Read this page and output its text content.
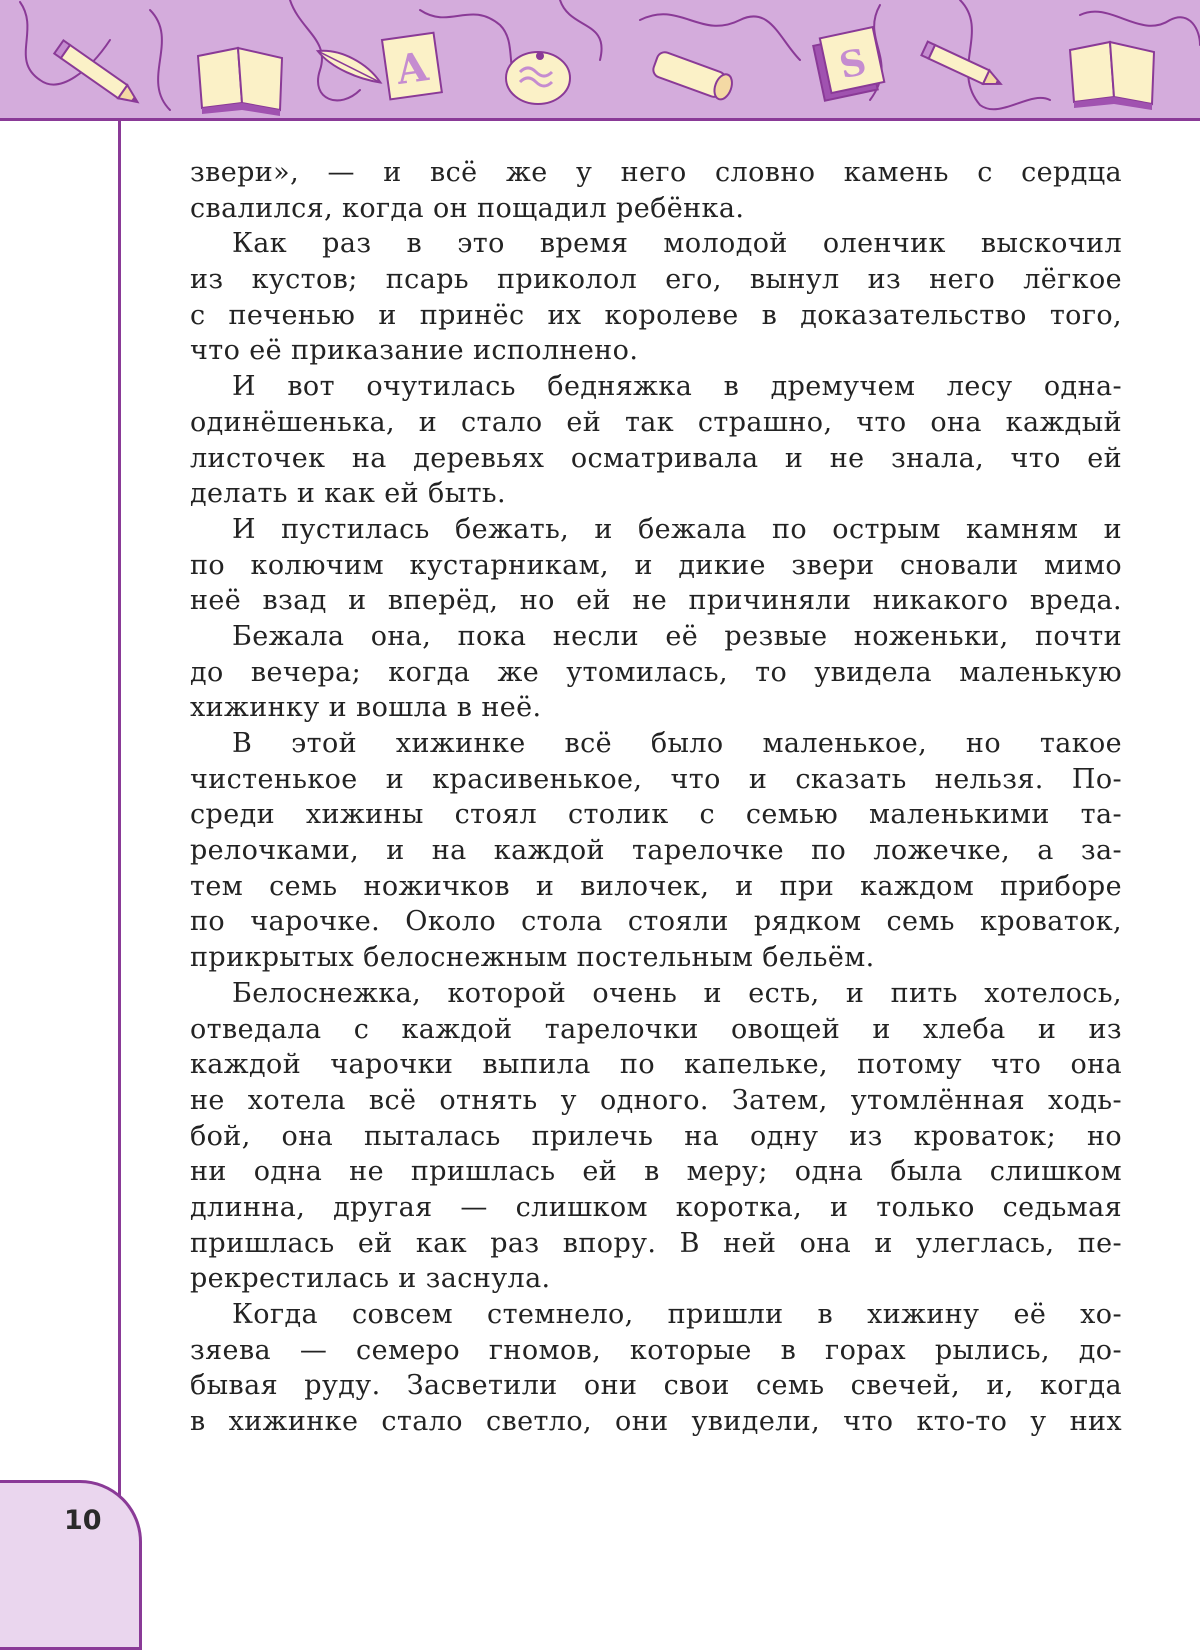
A	S
10
звери», — и всё же у него словно камень с сердца
свалился, когда он пощадил ребёнка.
Как раз в это время молодой оленчик выскочил
из кустов; псарь приколол его, вынул из него лёгкое
с печенью и принёс их королеве в доказательство того,
что её приказание исполнено.
И вот очутилась бедняжка в дремучем лесу одна-
одинёшенька, и стало ей так страшно, что она каждый
листочек на деревьях осматривала и не знала, что ей
делать и как ей быть.
И пустилась бежать, и бежала по острым камням и
по колючим кустарникам, и дикие звери сновали мимо
неё взад и вперёд, но ей не причиняли никакого вреда.
Бежала она, пока несли её резвые ноженьки, почти
до вечера; когда же утомилась, то увидела маленькую
хижинку и вошла в неё.
В этой хижинке всё было маленькое, но такое
чистенькое и красивенькое, что и сказать нельзя. По-
среди хижины стоял столик с семью маленькими та-
релочками, и на каждой тарелочке по ложечке, а за-
тем семь ножичков и вилочек, и при каждом приборе
по чарочке. Около стола стояли рядком семь кроваток,
прикрытых белоснежным постельным бельём.
Белоснежка, которой очень и есть, и пить хотелось,
отведала с каждой тарелочки овощей и хлеба и из
каждой чарочки выпила по капельке, потому что она
не хотела всё отнять у одного. Затем, утомлённая ходь-
бой, она пыталась прилечь на одну из кроваток; но
ни одна не пришлась ей в меру; одна была слишком
длинна, другая — слишком коротка, и только седьмая
пришлась ей как раз впору. В ней она и улеглась, пе-
рекрестилась и заснула.
Когда совсем стемнело, пришли в хижину её хо-
зяева — семеро гномов, которые в горах рылись, до-
бывая руду. Засветили они свои семь свечей, и, когда
в хижинке стало светло, они увидели, что кто-то у них
